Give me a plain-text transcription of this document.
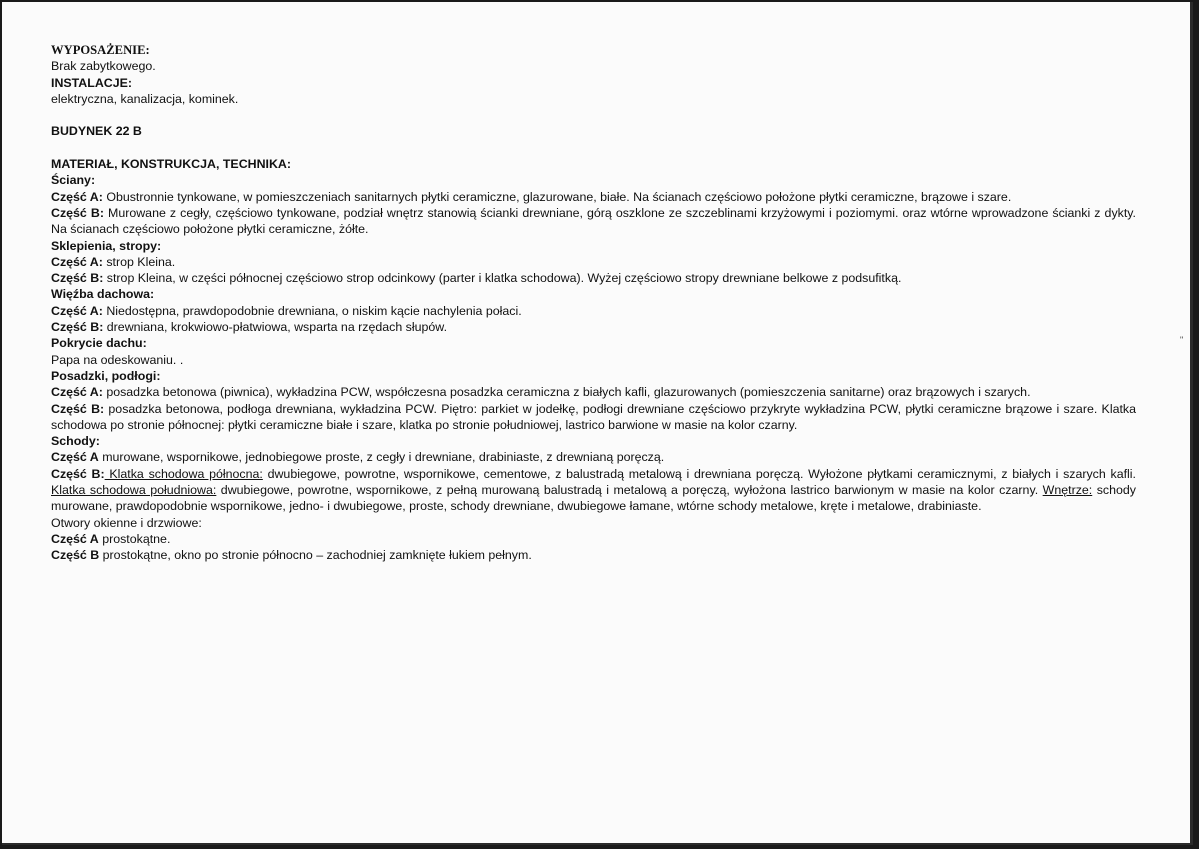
WYPOSAŻENIE:

Brak zabytkowego.

INSTALACJE:

elektryczna, kanalizacja, kominek.

BUDYNEK 22 B

MATERIAŁ, KONSTRUKCJA, TECHNIKA:

Ściany:

Część A: Obustronnie tynkowane, w pomieszczeniach sanitarnych płytki ceramiczne, glazurowane, białe. Na ścianach częściowo położone płytki ceramiczne, brązowe i szare.

Część B: Murowane z cegły, częściowo tynkowane, podział wnętrz stanowią ścianki drewniane, górą oszklone ze szczeblinami krzyżowymi i poziomymi. oraz wtórne wprowadzone ścianki z dykty. Na ścianach częściowo położone płytki ceramiczne, żółte.

Sklepienia, stropy:

Część A: strop Kleina.

Część B: strop Kleina, w części północnej częściowo strop odcinkowy (parter i klatka schodowa). Wyżej częściowo stropy drewniane belkowe z podsufitką.

Więźba dachowa:

Część A: Niedostępna, prawdopodobnie drewniana, o niskim kącie nachylenia połaci.

Część B: drewniana, krokwiowo-płatwiowa, wsparta na rzędach słupów.

Pokrycie dachu:

Papa na odeskowaniu. .

Posadzki, podłogi:

Część A: posadzka betonowa (piwnica), wykładzina PCW, współczesna posadzka ceramiczna z białych kafli, glazurowanych (pomieszczenia sanitarne) oraz brązowych i szarych.

Część B: posadzka betonowa, podłoga drewniana, wykładzina PCW. Piętro: parkiet w jodełkę, podłogi drewniane częściowo przykryte wykładzina PCW, płytki ceramiczne brązowe i szare. Klatka schodowa po stronie północnej: płytki ceramiczne białe i szare, klatka po stronie południowej, lastrico barwione w masie na kolor czarny.

Schody:

Część A murowane, wspornikowe, jednobiegowe proste, z cegły i drewniane, drabiniaste, z drewnianą poręczą.

Część B: Klatka schodowa północna: dwubiegowe, powrotne, wspornikowe, cementowe, z balustradą metalową i drewniana poręczą. Wyłożone płytkami ceramicznymi, z białych i szarych kafli. Klatka schodowa południowa: dwubiegowe, powrotne, wspornikowe, z pełną murowaną balustradą i metalową a poręczą, wyłożona lastrico barwionym w masie na kolor czarny. Wnętrze: schody murowane, prawdopodobnie wspornikowe, jedno- i dwubiegowe, proste, schody drewniane, dwubiegowe łamane, wtórne schody metalowe, kręte i metalowe, drabiniaste.

Otwory okienne i drzwiowe:

Część A prostokątne.

Część B prostokątne, okno po stronie północno – zachodniej zamknięte łukiem pełnym.

"
